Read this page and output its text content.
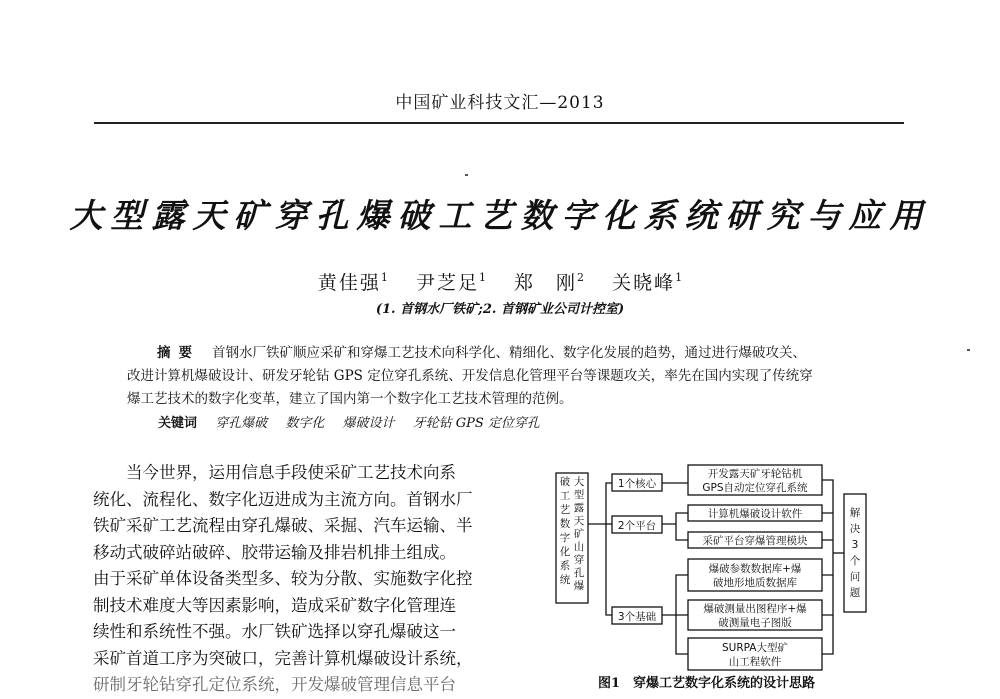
中国矿业科技文汇—2013
大型露天矿穿孔爆破工艺数字化系统研究与应用
黄佳强$^1$ 尹芝足$^1$ 郑　刚$^2$ 关晓峰$^1$
(1. 首钢水厂铁矿;2. 首钢矿业公司计控室)
摘要 首钢水厂铁矿顺应采矿和穿爆工艺技术向科学化、精细化、数字化发展的趋势，通过进行爆破攻关、
改进计算机爆破设计、研发牙轮钻 GPS 定位穿孔系统、开发信息化管理平台等课题攻关，率先在国内实现了传统穿
爆工艺技术的数字化变革，建立了国内第一个数字化工艺技术管理的范例。
关键词 穿孔爆破 数字化 爆破设计 牙轮钻 GPS 定位穿孔
当今世界，运用信息手段使采矿工艺技术向系
统化、流程化、数字化迈进成为主流方向。首钢水厂
铁矿采矿工艺流程由穿孔爆破、采掘、汽车运输、半
移动式破碎站破碎、胶带运输及排岩机排土组成。
由于采矿单体设备类型多、较为分散、实施数字化控
制技术难度大等因素影响，造成采矿数字化管理连
续性和系统性不强。水厂铁矿选择以穿孔爆破这一
采矿首道工序为突破口，完善计算机爆破设计系统，
研制牙轮钻穿孔定位系统，开发爆破管理信息平台
破
工
艺
数
字
化
系
统
大
型
露
天
矿
山
穿
孔
爆
1个核心
2个平台
3个基础
开发露天矿牙轮钻机
GPS自动定位穿孔系统
计算机爆破设计软件
采矿平台穿爆管理模块
爆破参数数据库+爆
破地形地质数据库
爆破测量出图程序+爆
破测量电子图版
SURPA大型矿
山工程软件
解
决
3
个
问
题
图1　穿爆工艺数字化系统的设计思路
